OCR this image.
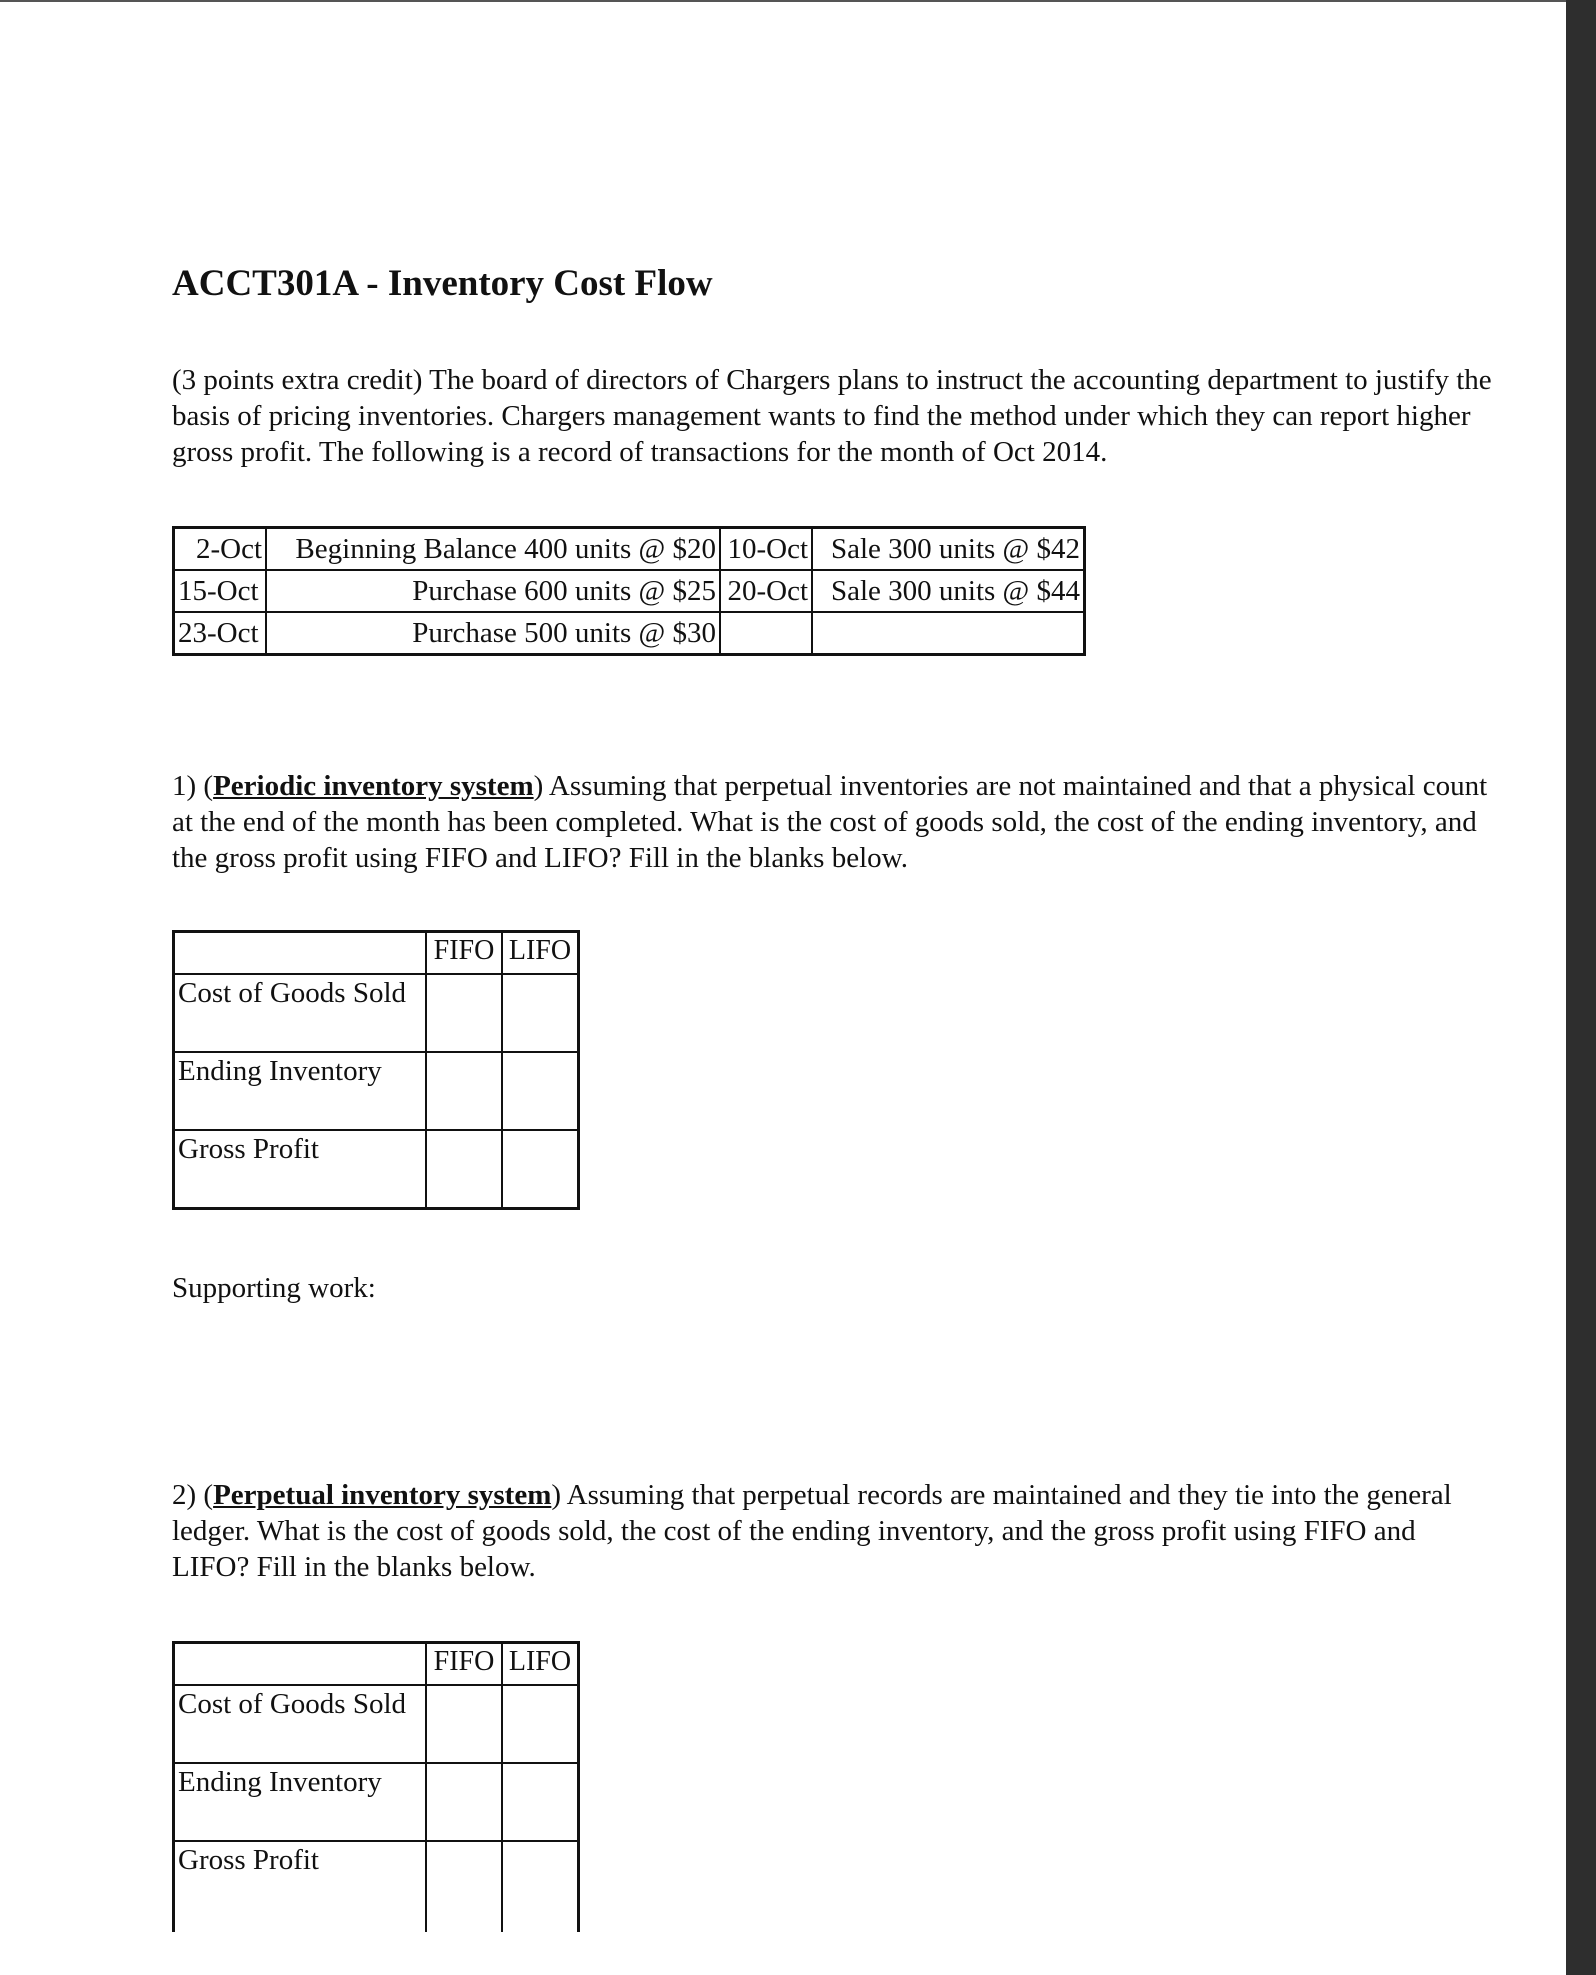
ACCT301A - Inventory Cost Flow
(3 points extra credit) The board of directors of Chargers plans to instruct the accounting department to justify the basis of pricing inventories. Chargers management wants to find the method under which they can report higher gross profit. The following is a record of transactions for the month of Oct 2014.
2-Oct	Beginning Balance 400 units @ $20	10-Oct	Sale 300 units @ $42
15-Oct	Purchase 600 units @ $25	20-Oct	Sale 300 units @ $44
23-Oct	Purchase 500 units @ $30		
1) (Periodic inventory system) Assuming that perpetual inventories are not maintained and that a physical count at the end of the month has been completed. What is the cost of goods sold, the cost of the ending inventory, and the gross profit using FIFO and LIFO? Fill in the blanks below.
	FIFO	LIFO
Cost of Goods Sold		
Ending Inventory		
Gross Profit		
Supporting work:
2) (Perpetual inventory system) Assuming that perpetual records are maintained and they tie into the general ledger. What is the cost of goods sold, the cost of the ending inventory, and the gross profit using FIFO and LIFO? Fill in the blanks below.
	FIFO	LIFO
Cost of Goods Sold		
Ending Inventory		
Gross Profit		
